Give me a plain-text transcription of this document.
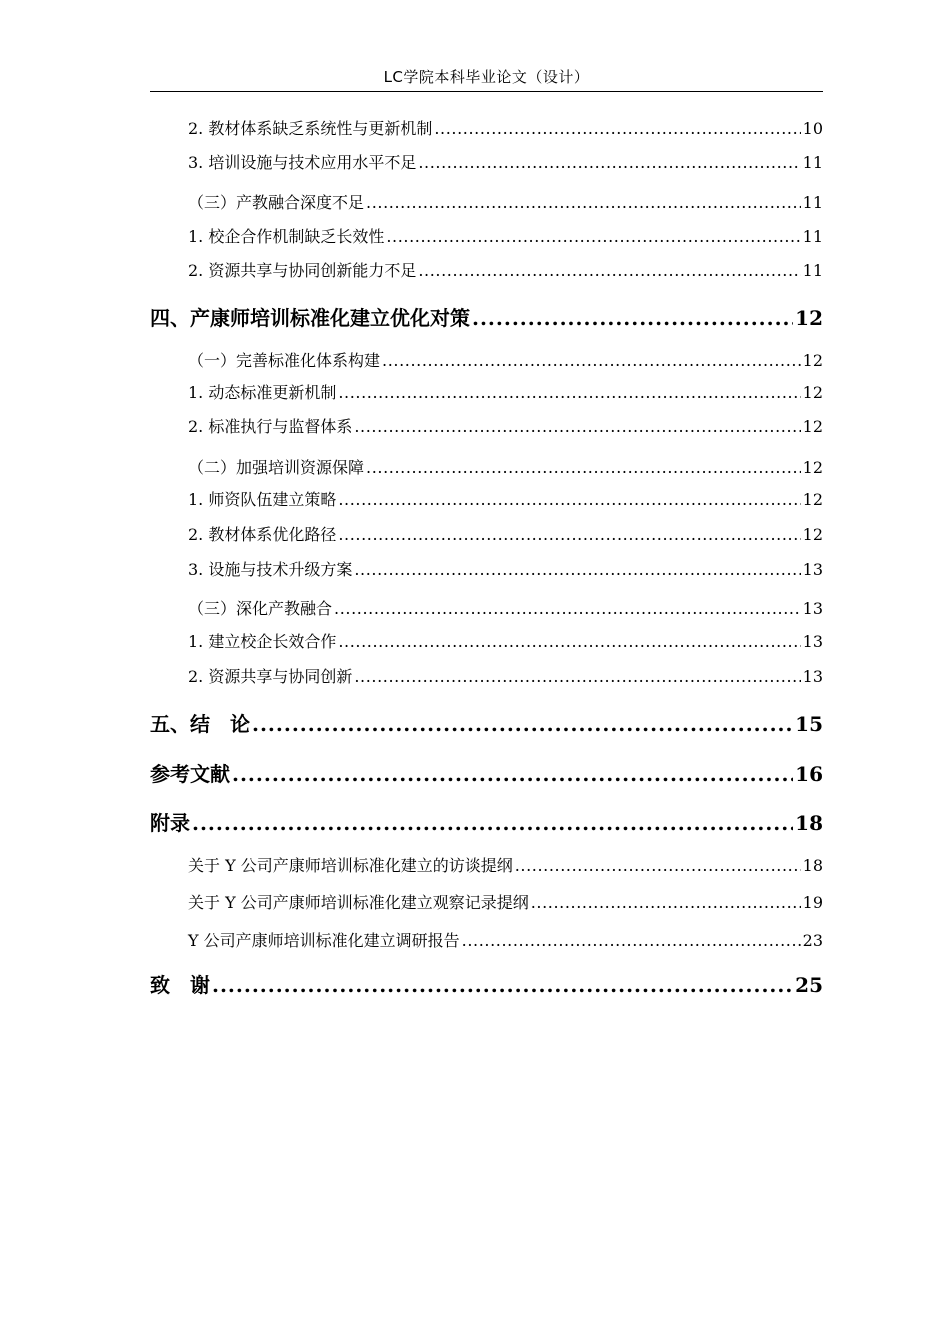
LC学院本科毕业论文（设计）
2. 教材体系缺乏系统性与更新机制 .....	10
3. 培训设施与技术应用水平不足 .....	11
（三）产教融合深度不足 .....	11
1. 校企合作机制缺乏长效性 .....	11
2. 资源共享与协同创新能力不足 .....	11
四、产康师培训标准化建立优化对策 .....	12
（一）完善标准化体系构建 .....	12
1. 动态标准更新机制 .....	12
2. 标准执行与监督体系 .....	12
（二）加强培训资源保障 .....	12
1. 师资队伍建立策略 .....	12
2. 教材体系优化路径 .....	12
3. 设施与技术升级方案 .....	13
（三）深化产教融合 .....	13
1. 建立校企长效合作 .....	13
2. 资源共享与协同创新 .....	13
五、结　论 .....	15
参考文献 .....	16
附录 .....	18
关于 Y 公司产康师培训标准化建立的访谈提纲 .....	18
关于 Y 公司产康师培训标准化建立观察记录提纲 .....	19
Y 公司产康师培训标准化建立调研报告 .....	23
致　谢 .....	25
